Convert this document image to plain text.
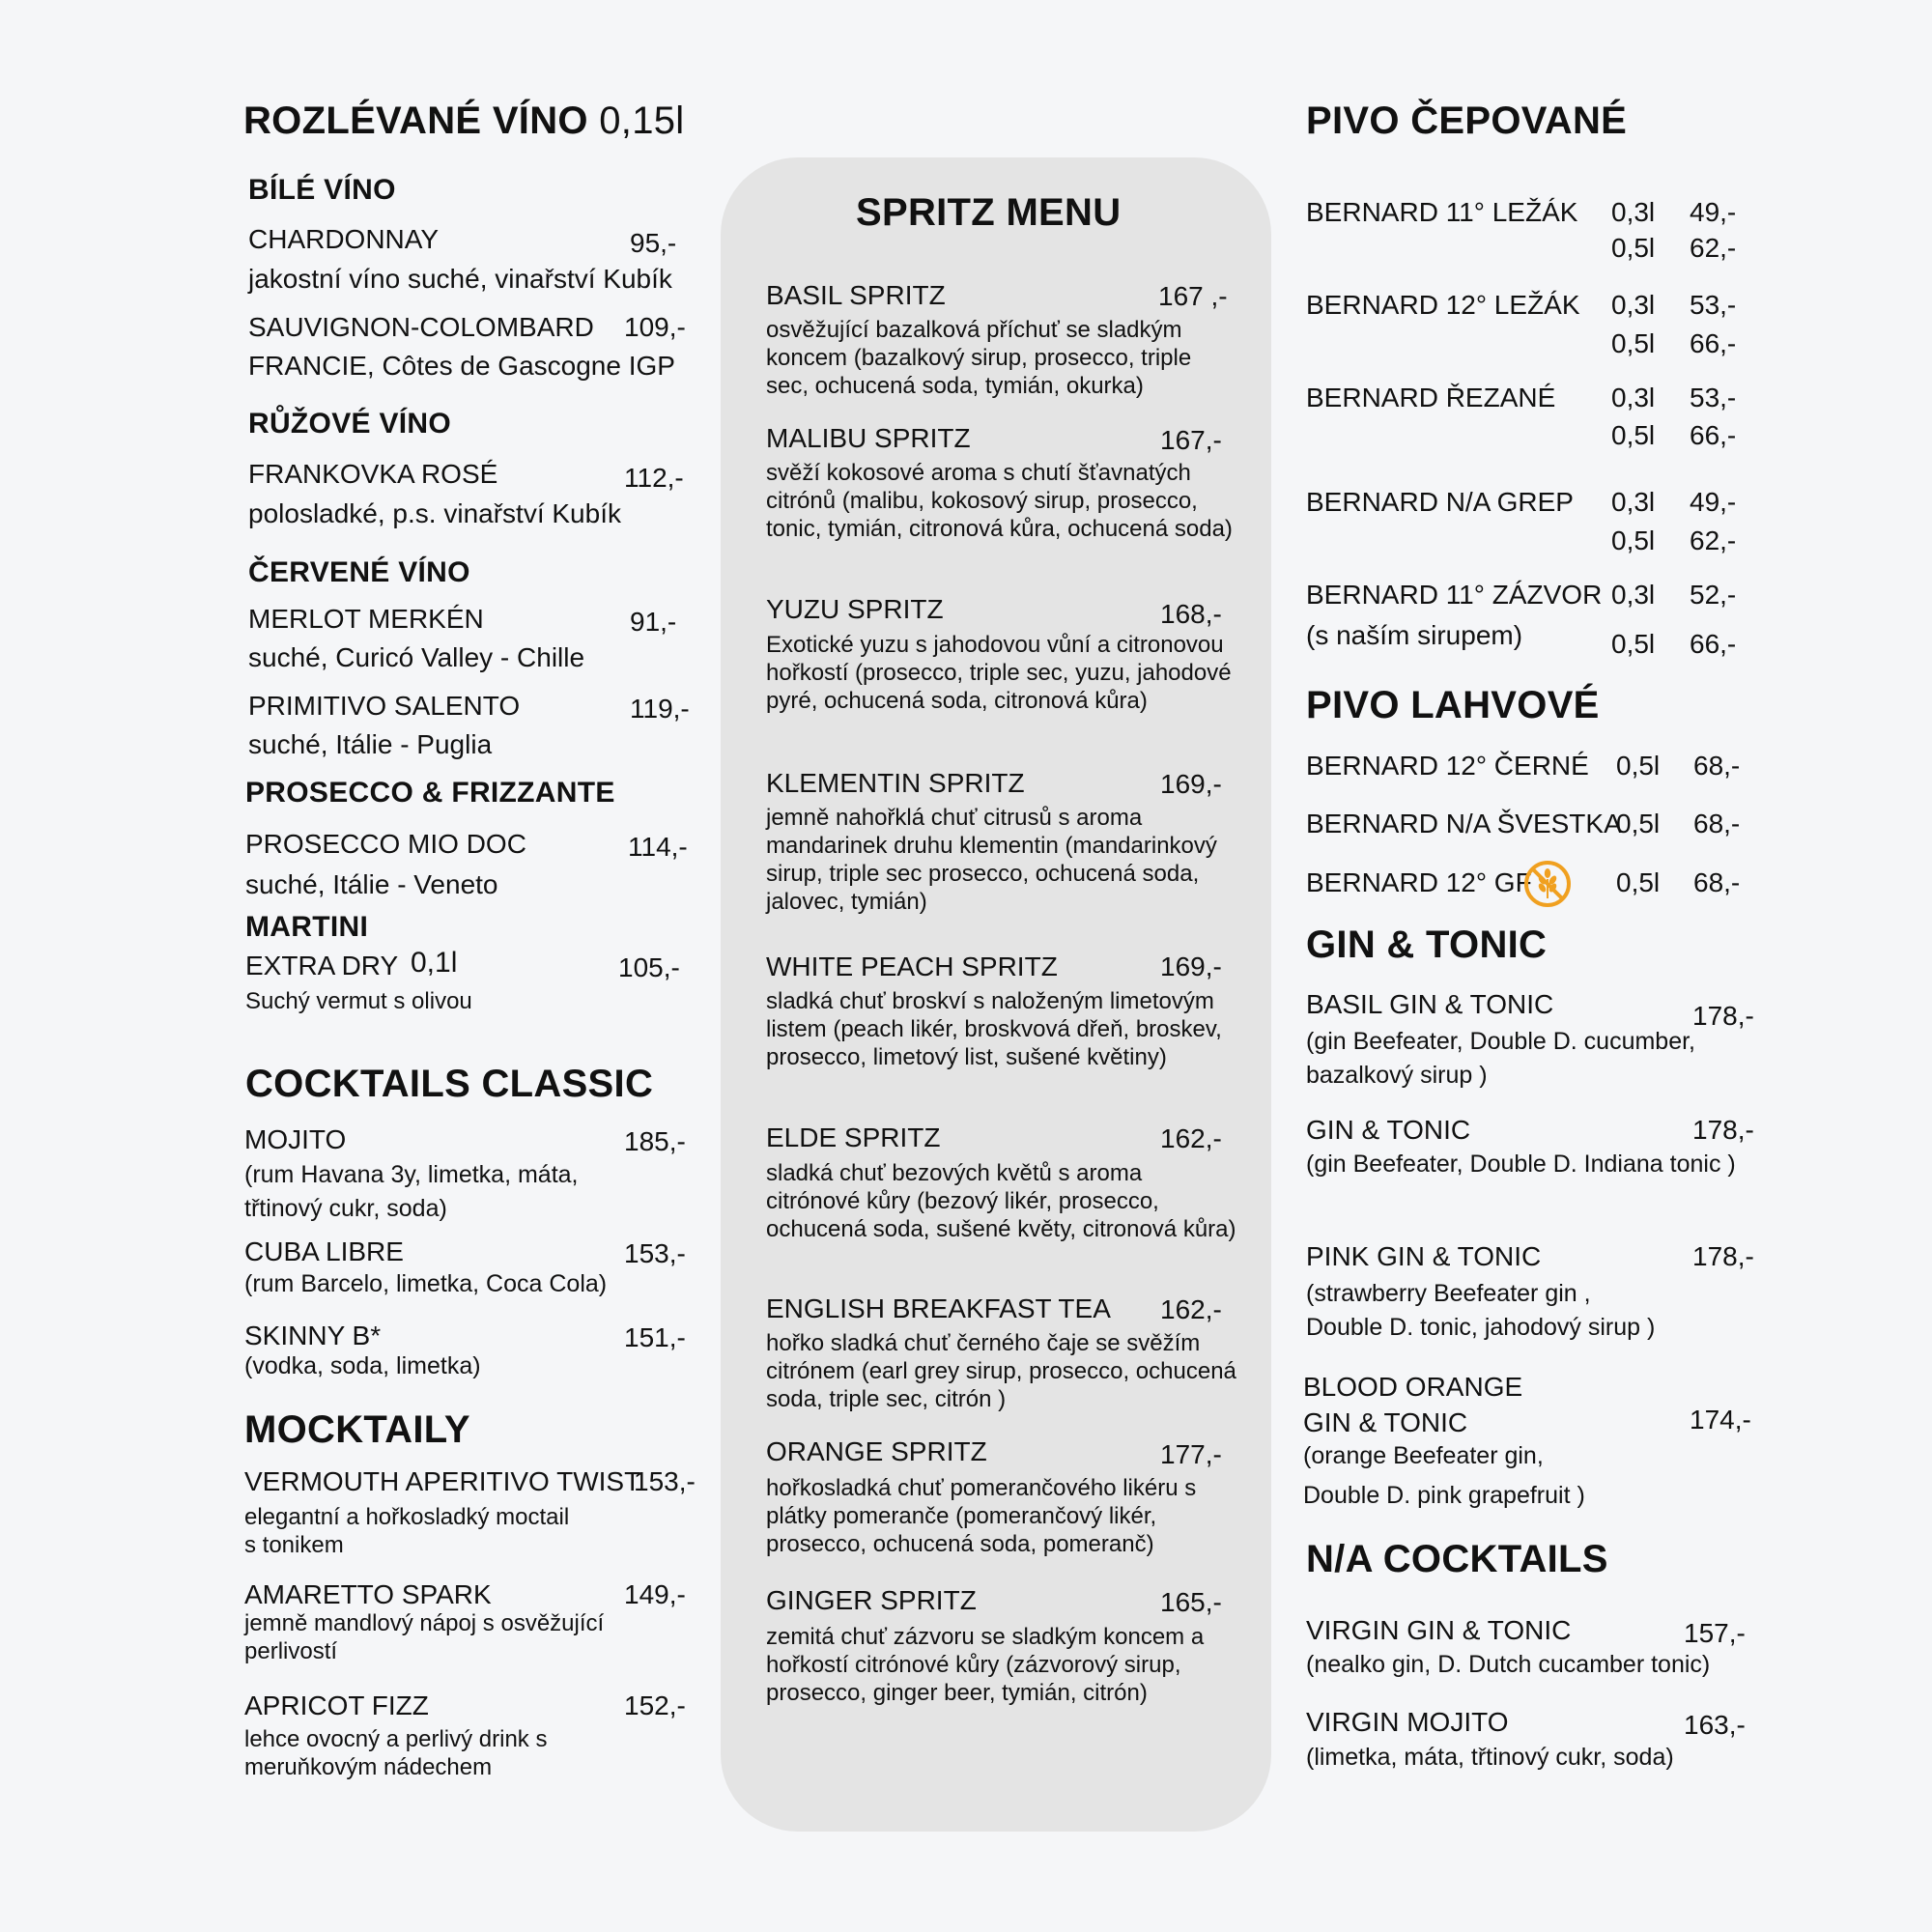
ROZLÉVANÉ VÍNO 0,15l
BÍLÉ VÍNO
CHARDONNAY	95,-
jakostní víno suché, vinařství Kubík
SAUVIGNON-COLOMBARD 109,-
FRANCIE, Côtes de Gascogne IGP
RŮŽOVÉ VÍNO
FRANKOVKA ROSÉ	112,-
polosladké, p.s. vinařství Kubík
ČERVENÉ VÍNO
MERLOT MERKÉN	91,-
suché, Curicó Valley - Chille
PRIMITIVO SALENTO	119,-
suché, Itálie - Puglia
PROSECCO & FRIZZANTE
PROSECCO MIO DOC	114,-
suché, Itálie - Veneto
MARTINI
EXTRA DRY 0,1l	105,-
Suchý vermut s olivou
COCKTAILS CLASSIC
MOJITO	185,-
(rum Havana 3y, limetka, máta,
třtinový cukr, soda)
CUBA LIBRE	153,-
(rum Barcelo, limetka, Coca Cola)
SKINNY B*	151,-
(vodka, soda, limetka)
MOCKTAILY
VERMOUTH APERITIVO TWIST
153,-
elegantní a hořkosladký moctail
s tonikem
AMARETTO SPARK	149,-
jemně mandlový nápoj s osvěžující
perlivostí
APRICOT FIZZ	152,-
lehce ovocný a perlivý drink s
meruňkovým nádechem
SPRITZ MENU
BASIL SPRITZ	167 ,-
osvěžující bazalková příchuť se sladkým koncem (bazalkový sirup, prosecco, triple sec, ochucená soda, tymián, okurka)
MALIBU SPRITZ	167,-
svěží kokosové aroma s chutí šťavnatých citrónů (malibu, kokosový sirup, prosecco, tonic, tymián, citronová kůra, ochucená soda)
YUZU SPRITZ	168,-
Exotické yuzu s jahodovou vůní a citronovou hořkostí (prosecco, triple sec, yuzu, jahodové pyré, ochucená soda, citronová kůra)
KLEMENTIN SPRITZ	169,-
jemně nahořklá chuť citrusů s aroma mandarinek druhu klementin (mandarinkový sirup, triple sec prosecco, ochucená soda, jalovec, tymián)
WHITE PEACH SPRITZ	169,-
sladká chuť broskví s naloženým limetovým listem (peach likér, broskvová dřeň, broskev, prosecco, limetový list, sušené květiny)
ELDE SPRITZ	162,-
sladká chuť bezových květů s aroma citrónové kůry (bezový likér, prosecco, ochucená soda, sušené květy, citronová kůra)
ENGLISH BREAKFAST TEA 162,-
hořko sladká chuť černého čaje se svěžím citrónem (earl grey sirup, prosecco, ochucená soda, triple sec, citrón )
ORANGE SPRITZ	177,-
hořkosladká chuť pomerančového likéru s plátky pomeranče (pomerančový likér, prosecco, ochucená soda, pomeranč)
GINGER SPRITZ	165,-
zemitá chuť zázvoru se sladkým koncem a hořkostí citrónové kůry (zázvorový sirup, prosecco, ginger beer, tymián, citrón)
PIVO ČEPOVANÉ
BERNARD 11° LEŽÁK 0,3l 49,-
0,5l 62,-
BERNARD 12° LEŽÁK 0,3l 53,-
0,5l 66,-
BERNARD ŘEZANÉ 0,3l 53,-
0,5l 66,-
BERNARD N/A GREP 0,3l 49,-
0,5l 62,-
BERNARD 11° ZÁZVOR
(s naším sirupem)
0,3l 52,-
0,5l 66,-
PIVO LAHVOVÉ
BERNARD 12° ČERNÉ 0,5l 68,-
BERNARD N/A ŠVESTKA
0,5l 68,-
BERNARD 12° GF	0,5l 68,-
GIN & TONIC
BASIL GIN & TONIC	178,-
(gin Beefeater, Double D. cucumber,
bazalkový sirup )
GIN & TONIC	178,-
(gin Beefeater, Double D. Indiana tonic )
PINK GIN & TONIC	178,-
(strawberry Beefeater gin ,
Double D. tonic, jahodový sirup )
BLOOD ORANGE
GIN & TONIC	174,-
(orange Beefeater gin,
Double D. pink grapefruit )
N/A COCKTAILS
VIRGIN GIN & TONIC	157,-
(nealko gin, D. Dutch cucamber tonic)
VIRGIN MOJITO	163,-
(limetka, máta, třtinový cukr, soda)
